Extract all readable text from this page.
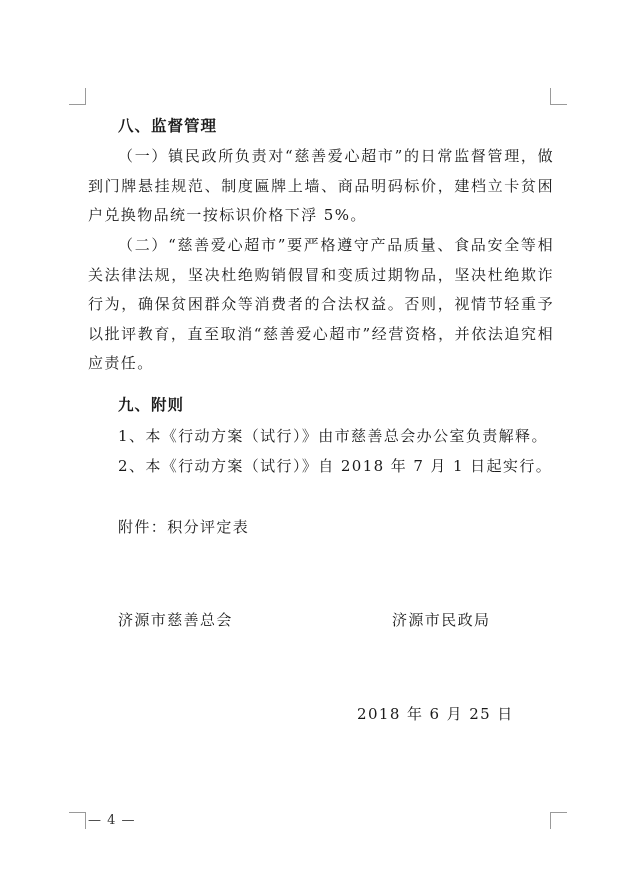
八、监督管理

（一）镇民政所负责对“慈善爱心超市”的日常监督管理，做到门牌悬挂规范、制度匾牌上墙、商品明码标价，建档立卡贫困户兑换物品统一按标识价格下浮 5%。

（二）“慈善爱心超市”要严格遵守产品质量、食品安全等相关法律法规，坚决杜绝购销假冒和变质过期物品，坚决杜绝欺诈行为，确保贫困群众等消费者的合法权益。否则，视情节轻重予以批评教育，直至取消“慈善爱心超市”经营资格，并依法追究相应责任。

九、附则
1、本《行动方案（试行）》由市慈善总会办公室负责解释。
2、本《行动方案（试行）》自 2018 年 7 月 1 日起实行。
附件：积分评定表
济源市慈善总会	济源市民政局
2018 年 6 月 25 日
— 4 —
